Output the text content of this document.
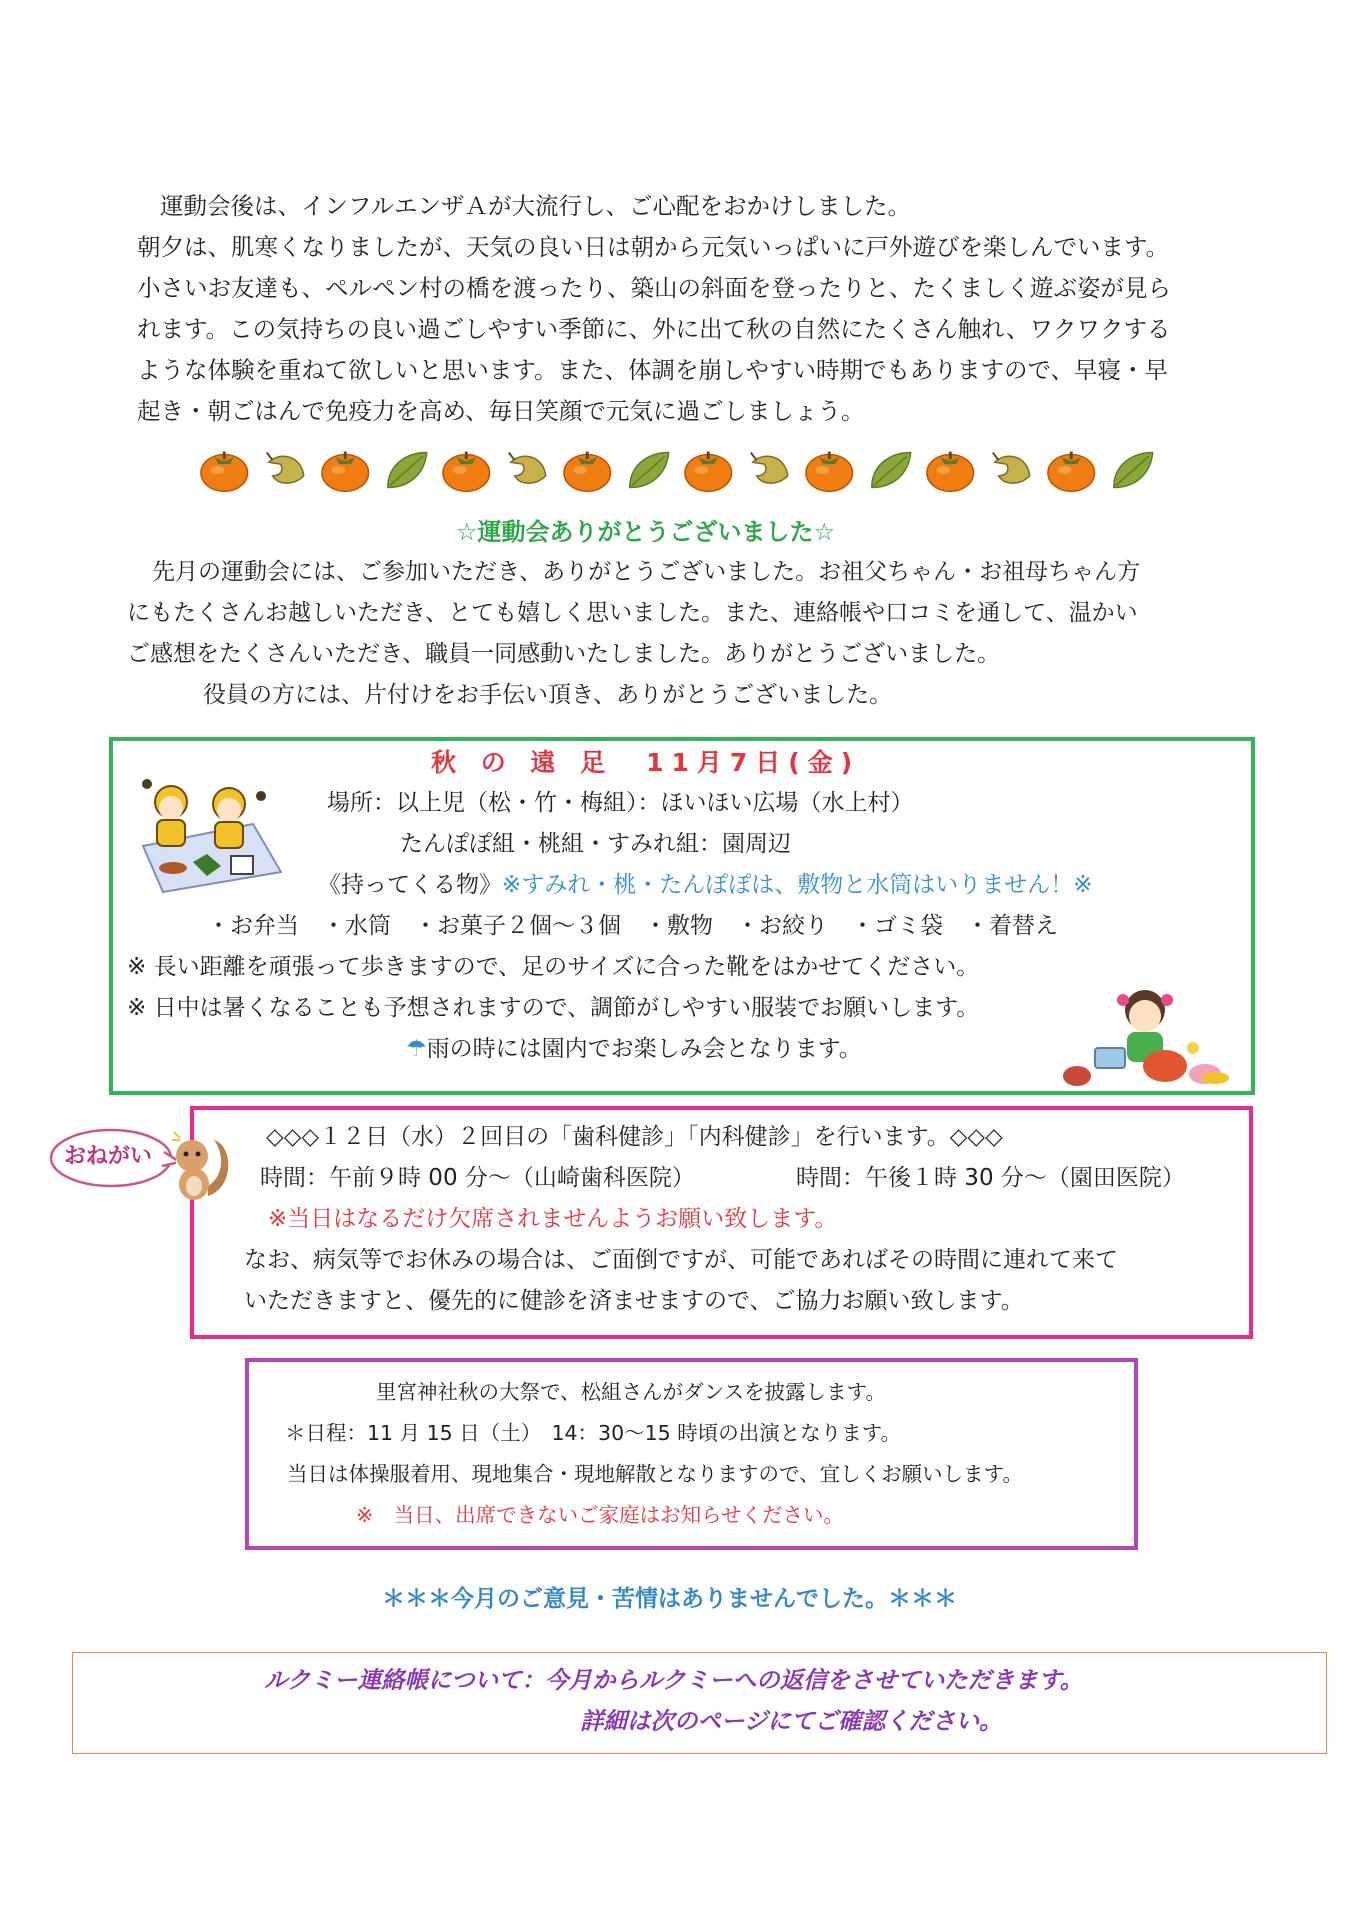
運動会後は、インフルエンザＡが大流行し、ご心配をおかけしました。
朝夕は、肌寒くなりましたが、天気の良い日は朝から元気いっぱいに戸外遊びを楽しんでいます。
小さいお友達も、ペルペン村の橋を渡ったり、築山の斜面を登ったりと、たくましく遊ぶ姿が見ら
れます。この気持ちの良い過ごしやすい季節に、外に出て秋の自然にたくさん触れ、ワクワクする
ような体験を重ねて欲しいと思います。また、体調を崩しやすい時期でもありますので、早寝・早
起き・朝ごはんで免疫力を高め、毎日笑顔で元気に過ごしましょう。
☆運動会ありがとうございました☆
先月の運動会には、ご参加いただき、ありがとうございました。お祖父ちゃん・お祖母ちゃん方
にもたくさんお越しいただき、とても嬉しく思いました。また、連絡帳や口コミを通して、温かい
ご感想をたくさんいただき、職員一同感動いたしました。ありがとうございました。
役員の方には、片付けをお手伝い頂き、ありがとうございました。
秋 の 遠 足　11月7日(金)
場所：以上児（松・竹・梅組）：ほいほい広場（水上村）
たんぽぽ組・桃組・すみれ組：園周辺
《持ってくる物》※すみれ・桃・たんぽぽは、敷物と水筒はいりません！※
・お弁当　・水筒　・お菓子２個～３個　・敷物　・お絞り　・ゴミ袋　・着替え
※ 長い距離を頑張って歩きますので、足のサイズに合った靴をはかせてください。
※ 日中は暑くなることも予想されますので、調節がしやすい服装でお願いします。
☂雨の時には園内でお楽しみ会となります。
おねがい
◇◇◇１２日（水）２回目の「歯科健診」「内科健診」を行います。◇◇◇
時間：午前９時 00 分～（山崎歯科医院）	時間：午後１時 30 分～（園田医院）
※当日はなるだけ欠席されませんようお願い致します。
なお、病気等でお休みの場合は、ご面倒ですが、可能であればその時間に連れて来て
いただきますと、優先的に健診を済ませますので、ご協力お願い致します。
里宮神社秋の大祭で、松組さんがダンスを披露します。
＊日程：11 月 15 日（土）　14：30～15 時頃の出演となります。
当日は体操服着用、現地集合・現地解散となりますので、宜しくお願いします。
※　当日、出席できないご家庭はお知らせください。
＊＊＊今月のご意見・苦情はありませんでした。＊＊＊
ルクミー連絡帳について：今月からルクミーへの返信をさせていただきます。
詳細は次のページにてご確認ください。
